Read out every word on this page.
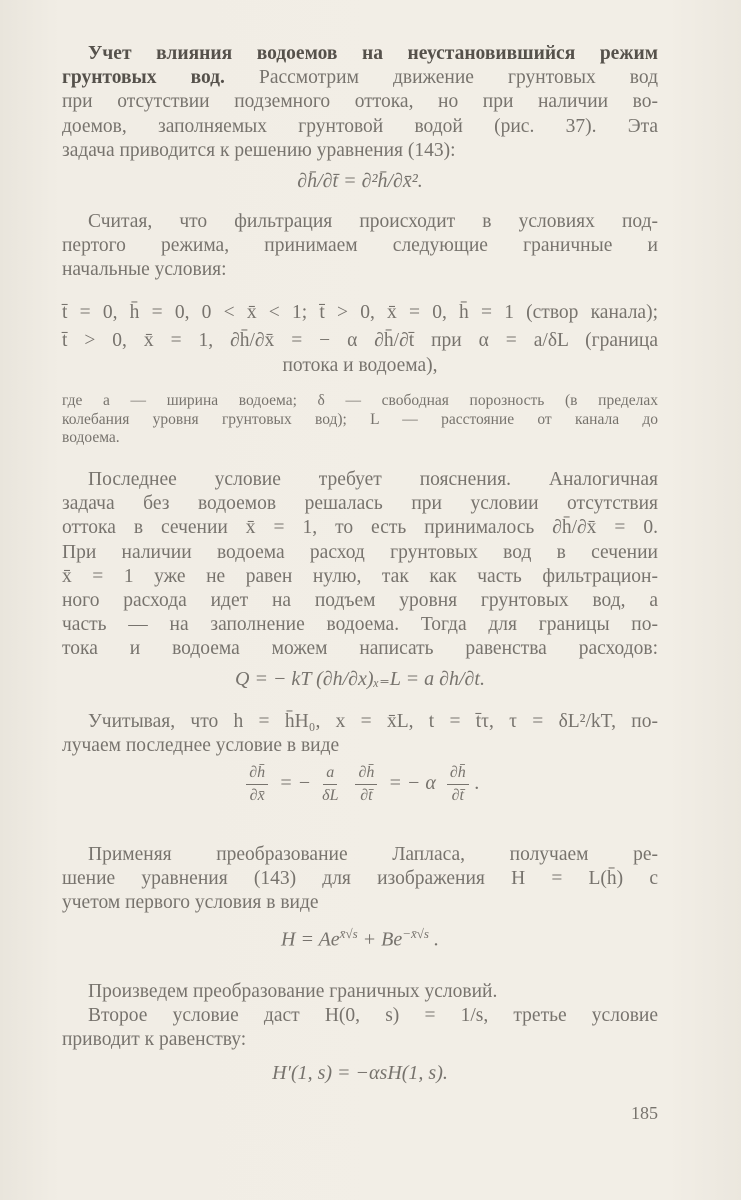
Учет влияния водоемов на неустановившийся режим
грунтовых вод. Рассмотрим движение грунтовых вод
при отсутствии подземного оттока, но при наличии во-
доемов, заполняемых грунтовой водой (рис. 37). Эта
задача приводится к решению уравнения (143):
∂h̄/∂t̄ = ∂²h̄/∂x̄².
Считая, что фильтрация происходит в условиях под-
пертого режима, принимаем следующие граничные и
начальные условия:
t̄ = 0, h̄ = 0, 0 < x̄ < 1; t̄ > 0, x̄ = 0, h̄ = 1 (створ канала);
t̄ > 0, x̄ = 1, ∂h̄/∂x̄ = − α ∂h̄/∂t̄ при α = a/δL (граница
потока и водоема),
где a — ширина водоема; δ — свободная порозность (в пределах
колебания уровня грунтовых вод); L — расстояние от канала до
водоема.
Последнее условие требует пояснения. Аналогичная
задача без водоемов решалась при условии отсутствия
оттока в сечении x̄ = 1, то есть принималось ∂h̄/∂x̄ = 0.
При наличии водоема расход грунтовых вод в сечении
x̄ = 1 уже не равен нулю, так как часть фильтрацион-
ного расхода идет на подъем уровня грунтовых вод, а
часть — на заполнение водоема. Тогда для границы по-
тока и водоема можем написать равенства расходов:
Q = − kT (∂h/∂x)ₓ₌L = a ∂h/∂t.
Учитывая, что h = h̄H₀, x = x̄L, t = t̄τ, τ = δL²/kT, по-
лучаем последнее условие в виде
$\frac{\partial h̄}{\partial x̄}$ = − $\frac{a}{\delta L}$
$\frac{\partial h̄}{\partial t̄}$ = − α $\frac{\partial h̄}{\partial t̄}$ .
Применяя преобразование Лапласа, получаем ре-
шение уравнения (143) для изображения H = L(h̄) с
учетом первого условия в виде
$H = Ae^{x̄√s} + Be^{-x̄√s}$ .
Произведем преобразование граничных условий.
Второе условие даст H(0, s) = 1/s, третье условие
приводит к равенству:
H′(1, s) = −αsH(1, s).
185
